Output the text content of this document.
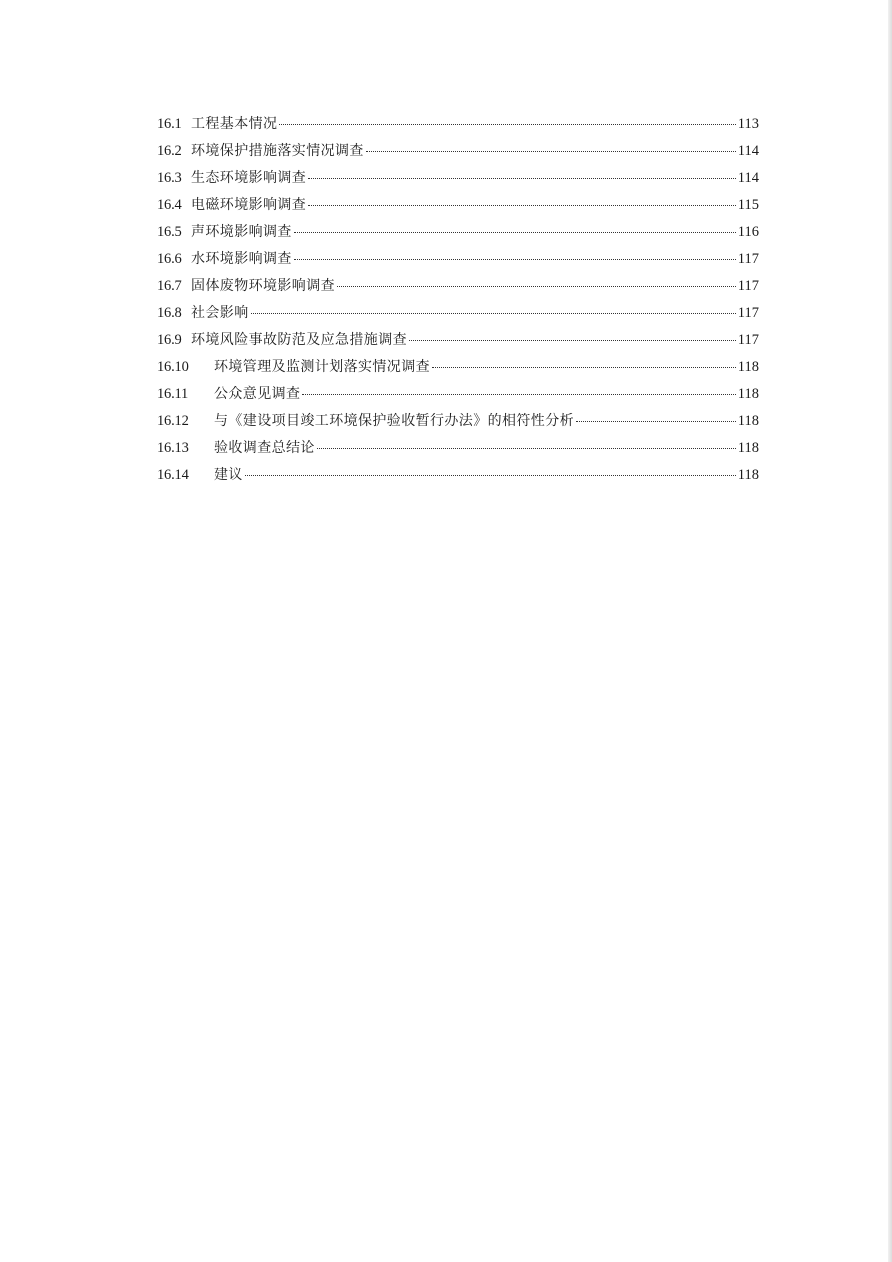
16.1 工程基本情况	113
16.2 环境保护措施落实情况调查	114
16.3 生态环境影响调查	114
16.4 电磁环境影响调查	115
16.5 声环境影响调查	116
16.6 水环境影响调查	117
16.7 固体废物环境影响调查	117
16.8 社会影响	117
16.9 环境风险事故防范及应急措施调查	117
16.10	环境管理及监测计划落实情况调查	118
16.11	公众意见调查	118
16.12	与《建设项目竣工环境保护验收暂行办法》的相符性分析	118
16.13	验收调查总结论	118
16.14	建议	118
